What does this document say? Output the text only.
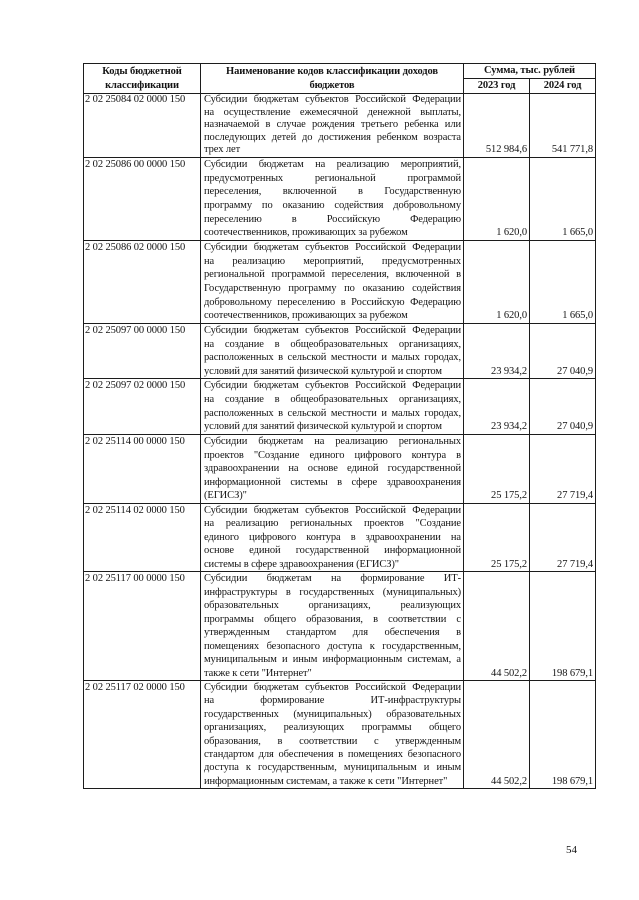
Коды бюджетной
классификации
Наименование кодов классификации доходов
бюджетов
Сумма, тыс. рублей
2023 год	2024 год
2 02 25084 02 0000 150	Субсидии бюджетам субъектов Российской Федерации
на осуществление ежемесячной денежной выплаты,
назначаемой в случае рождения третьего ребенка или
последующих детей до достижения ребенком возраста
трех лет	512 984,6	541 771,8
2 02 25086 00 0000 150	Субсидии бюджетам на реализацию мероприятий,
предусмотренных региональной программой
переселения, включенной в Государственную
программу по оказанию содействия добровольному
переселению в Российскую Федерацию
соотечественников, проживающих за рубежом	1 620,0	1 665,0
2 02 25086 02 0000 150	Субсидии бюджетам субъектов Российской Федерации
на реализацию мероприятий, предусмотренных
региональной программой переселения, включенной в
Государственную программу по оказанию содействия
добровольному переселению в Российскую Федерацию
соотечественников, проживающих за рубежом	1 620,0	1 665,0
2 02 25097 00 0000 150	Субсидии бюджетам субъектов Российской Федерации
на создание в общеобразовательных организациях,
расположенных в сельской местности и малых городах,
условий для занятий физической культурой и спортом	23 934,2	27 040,9
2 02 25097 02 0000 150	Субсидии бюджетам субъектов Российской Федерации
на создание в общеобразовательных организациях,
расположенных в сельской местности и малых городах,
условий для занятий физической культурой и спортом	23 934,2	27 040,9
2 02 25114 00 0000 150	Субсидии бюджетам на реализацию региональных
проектов "Создание единого цифрового контура в
здравоохранении на основе единой государственной
информационной системы в сфере здравоохранения
(ЕГИСЗ)"	25 175,2	27 719,4
2 02 25114 02 0000 150	Субсидии бюджетам субъектов Российской Федерации
на реализацию региональных проектов "Создание
единого цифрового контура в здравоохранении на
основе единой государственной информационной
системы в сфере здравоохранения (ЕГИСЗ)"	25 175,2	27 719,4
2 02 25117 00 0000 150	Субсидии бюджетам на формирование ИТ-
инфраструктуры в государственных (муниципальных)
образовательных организациях, реализующих
программы общего образования, в соответствии с
утвержденным стандартом для обеспечения в
помещениях безопасного доступа к государственным,
муниципальным и иным информационным системам, а
также к сети "Интернет"	44 502,2	198 679,1
2 02 25117 02 0000 150	Субсидии бюджетам субъектов Российской Федерации
на формирование ИТ-инфраструктуры
государственных (муниципальных) образовательных
организациях, реализующих программы общего
образования, в соответствии с утвержденным
стандартом для обеспечения в помещениях безопасного
доступа к государственным, муниципальным и иным
информационным системам, а также к сети "Интернет"	44 502,2	198 679,1
54
